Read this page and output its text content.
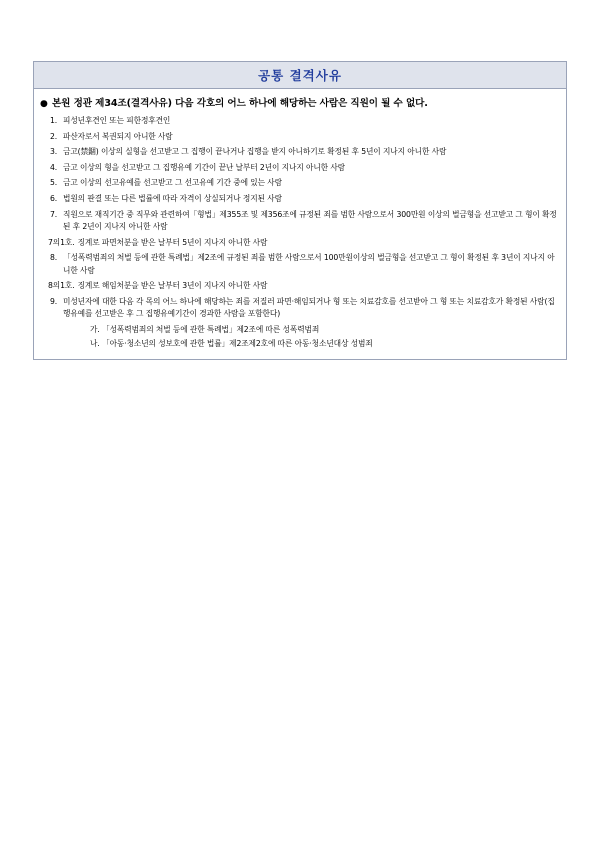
공통 결격사유
● 본원 정관 제34조(결격사유) 다음 각호의 어느 하나에 해당하는 사람은 직원이 될 수 없다.
1. 피성년후견인 또는 피한정후견인
2. 파산자로서 복권되지 아니한 사람
3. 금고(禁錮) 이상의 실형을 선고받고 그 집행이 끝나거나 집행을 받지 아니하기로 확정된 후 5년이 지나지 아니한 사람
4. 금고 이상의 형을 선고받고 그 집행유예 기간이 끝난 날부터 2년이 지나지 아니한 사람
5. 금고 이상의 선고유예를 선고받고 그 선고유예 기간 중에 있는 사람
6. 법원의 판결 또는 다른 법률에 따라 자격이 상실되거나 정지된 사람
7. 직원으로 재직기간 중 직무와 관련하여「형법」제355조 및 제356조에 규정된 죄를 범한 사람으로서 300만원 이상의 벌금형을 선고받고 그 형이 확정 된 후 2년이 지나지 아니한 사람
7의1호. 징계로 파면처분을 받은 날부터 5년이 지나지 아니한 사람
8. 「성폭력범죄의 처벌 등에 관한 특례법」제2조에 규정된 죄를 범한 사람으로서 100만원이상의 벌금형을 선고받고 그 형이 확정된 후 3년이 지나지 아니한 사람
8의1호. 징계로 해임처분을 받은 날부터 3년이 지나지 아니한 사람
9. 미성년자에 대한 다음 각 목의 어느 하나에 해당하는 죄를 저질러 파면·해임되거나 형 또는 치료감호를 선고받아 그 형 또는 치료감호가 확정된 사람(집행유예를 선고받은 후 그 집행유예기간이 경과한 사람을 포함한다)
가. 「성폭력범죄의 처벌 등에 관한 특례법」제2조에 따른 성폭력범죄
나. 「아동·청소년의 성보호에 관한 법률」제2조제2호에 따른 아동·청소년대상 성범죄
